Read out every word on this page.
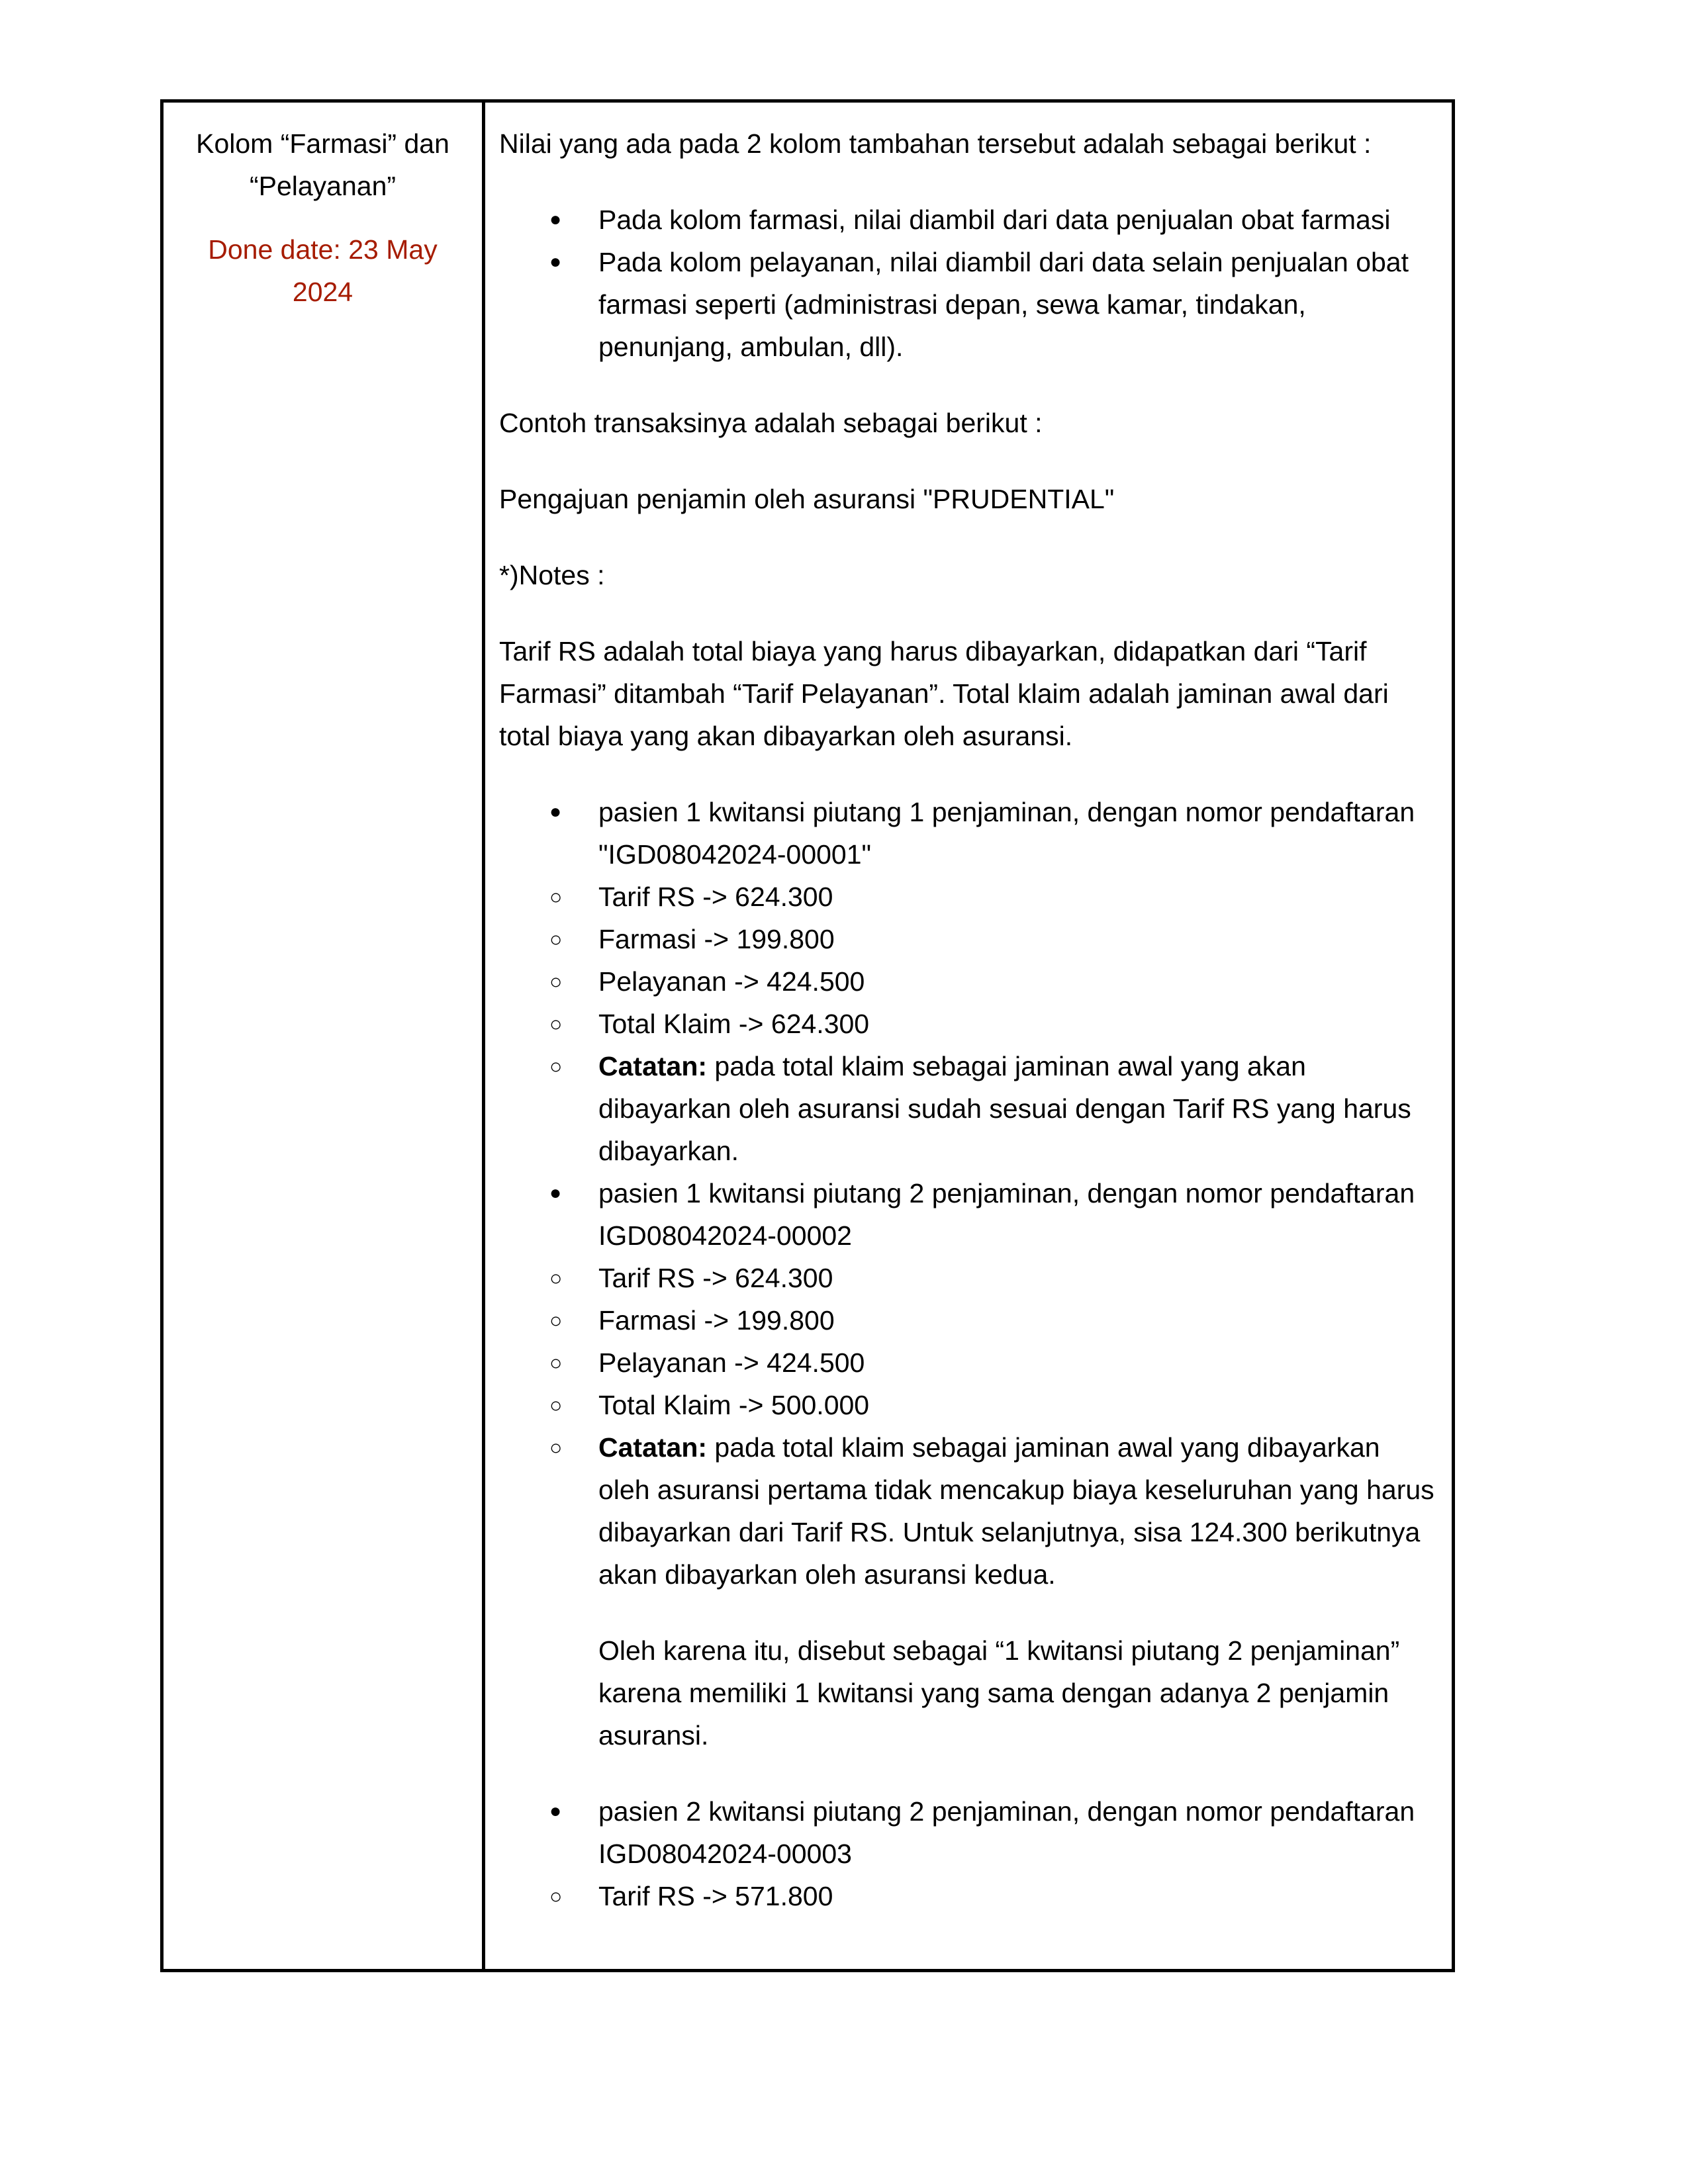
Kolom “Farmasi” dan “Pelayanan”
Done date: 23 May 2024

Nilai yang ada pada 2 kolom tambahan tersebut adalah sebagai berikut :

● Pada kolom farmasi, nilai diambil dari data penjualan obat farmasi
● Pada kolom pelayanan, nilai diambil dari data selain penjualan obat farmasi seperti (administrasi depan, sewa kamar, tindakan, penunjang, ambulan, dll).

Contoh transaksinya adalah sebagai berikut :

Pengajuan penjamin oleh asuransi "PRUDENTIAL"

*)Notes :

Tarif RS adalah total biaya yang harus dibayarkan, didapatkan dari “Tarif Farmasi” ditambah “Tarif Pelayanan”. Total klaim adalah jaminan awal dari total biaya yang akan dibayarkan oleh asuransi.

● pasien 1 kwitansi piutang 1 penjaminan, dengan nomor pendaftaran "IGD08042024-00001"
○ Tarif RS -> 624.300
○ Farmasi -> 199.800
○ Pelayanan -> 424.500
○ Total Klaim -> 624.300
○ Catatan: pada total klaim sebagai jaminan awal yang akan dibayarkan oleh asuransi sudah sesuai dengan Tarif RS yang harus dibayarkan.
● pasien 1 kwitansi piutang 2 penjaminan, dengan nomor pendaftaran IGD08042024-00002
○ Tarif RS -> 624.300
○ Farmasi -> 199.800
○ Pelayanan -> 424.500
○ Total Klaim -> 500.000
○ Catatan: pada total klaim sebagai jaminan awal yang dibayarkan oleh asuransi pertama tidak mencakup biaya keseluruhan yang harus dibayarkan dari Tarif RS. Untuk selanjutnya, sisa 124.300 berikutnya akan dibayarkan oleh asuransi kedua.
Oleh karena itu, disebut sebagai “1 kwitansi piutang 2 penjaminan” karena memiliki 1 kwitansi yang sama dengan adanya 2 penjamin asuransi.
● pasien 2 kwitansi piutang 2 penjaminan, dengan nomor pendaftaran IGD08042024-00003
○ Tarif RS -> 571.800
